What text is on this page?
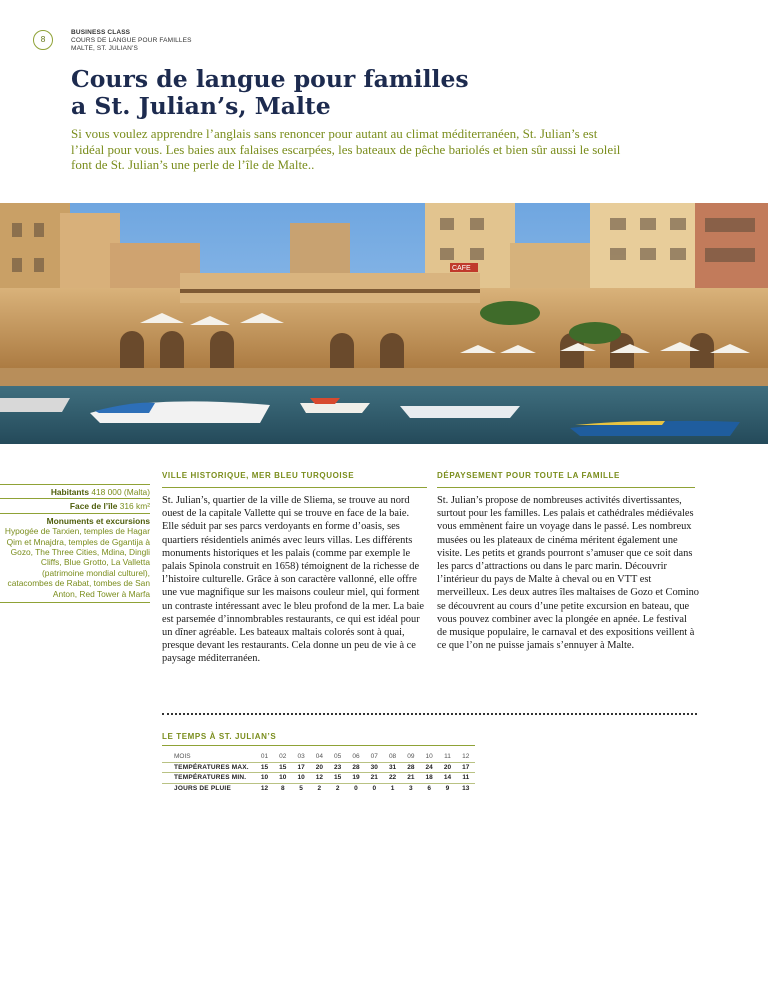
8
BUSINESS CLASS
COURS DE LANGUE POUR FAMILLES
MALTE, ST. JULIAN’S
Cours de langue pour familles
a St. Julian’s, Malte

Si vous voulez apprendre l’anglais sans renoncer pour autant au climat méditerranéen, St. Julian’s est l’idéal pour vous. Les baies aux falaises escarpées, les bateaux de pêche bariolés et bien sûr aussi le soleil font de St. Julian’s une perle de l’île de Malte..

CAFE
Habitants 418 000 (Malta)
Face de l’île 316 km²
Monuments et excursions
Hypogée de Tarxien, temples de Hagar Qim et Mnajdra, temples de Ggantija à Gozo, The Three Cities, Mdina, Dingli Cliffs, Blue Grotto, La Valletta (patrimoine mondial culturel), catacombes de Rabat, tombes de San Anton, Red Tower à Marfa
VILLE HISTORIQUE, MER BLEU TURQUOISE

St. Julian’s, quartier de la ville de Sliema, se trouve au nord ouest de la capitale Vallette qui se trouve en face de la baie. Elle séduit par ses parcs verdoyants en forme d’oasis, ses quartiers résidentiels animés avec leurs villas. Les différents monuments historiques et les palais (comme par exemple le palais Spinola construit en 1658) témoignent de la richesse de l’histoire culturelle. Grâce à son caractère vallonné, elle offre une vue magnifique sur les maisons couleur miel, qui forment un contraste intéressant avec le bleu profond de la mer. La baie est parsemée d’innombrables restaurants, ce qui est idéal pour un dîner agréable. Les bateaux maltais colorés sont à quai, presque devant les restaurants. Cela donne un peu de vie à ce paysage méditerranéen.

DÉPAYSEMENT POUR TOUTE LA FAMILLE

St. Julian’s propose de nombreuses activités divertissantes, surtout pour les familles. Les palais et cathédrales médiévales vous emmènent faire un voyage dans le passé. Les nombreux musées ou les plateaux de cinéma méritent également une visite. Les petits et grands pourront s’amuser que ce soit dans les parcs d’attractions ou dans le parc marin. Découvrir l’intérieur du pays de Malte à cheval ou en VTT est merveilleux. Les deux autres îles maltaises de Gozo et Comino se découvrent au cours d’une petite excursion en bateau, que vous pouvez combiner avec la plongée en apnée. Le festival de musique populaire, le carnaval et des expositions veillent à ce que l’on ne puisse jamais s’ennuyer à Malte.

LE TEMPS À ST. JULIAN’S
MOIS	01	02	03	04	05	06	07	08	09	10	11	12
TEMPÉRATURES MAX.	15	15	17	20	23	28	30	31	28	24	20	17
TEMPÉRATURES MIN.	10	10	10	12	15	19	21	22	21	18	14	11
JOURS DE PLUIE	12	8	5	2	2	0	0	1	3	6	9	13
